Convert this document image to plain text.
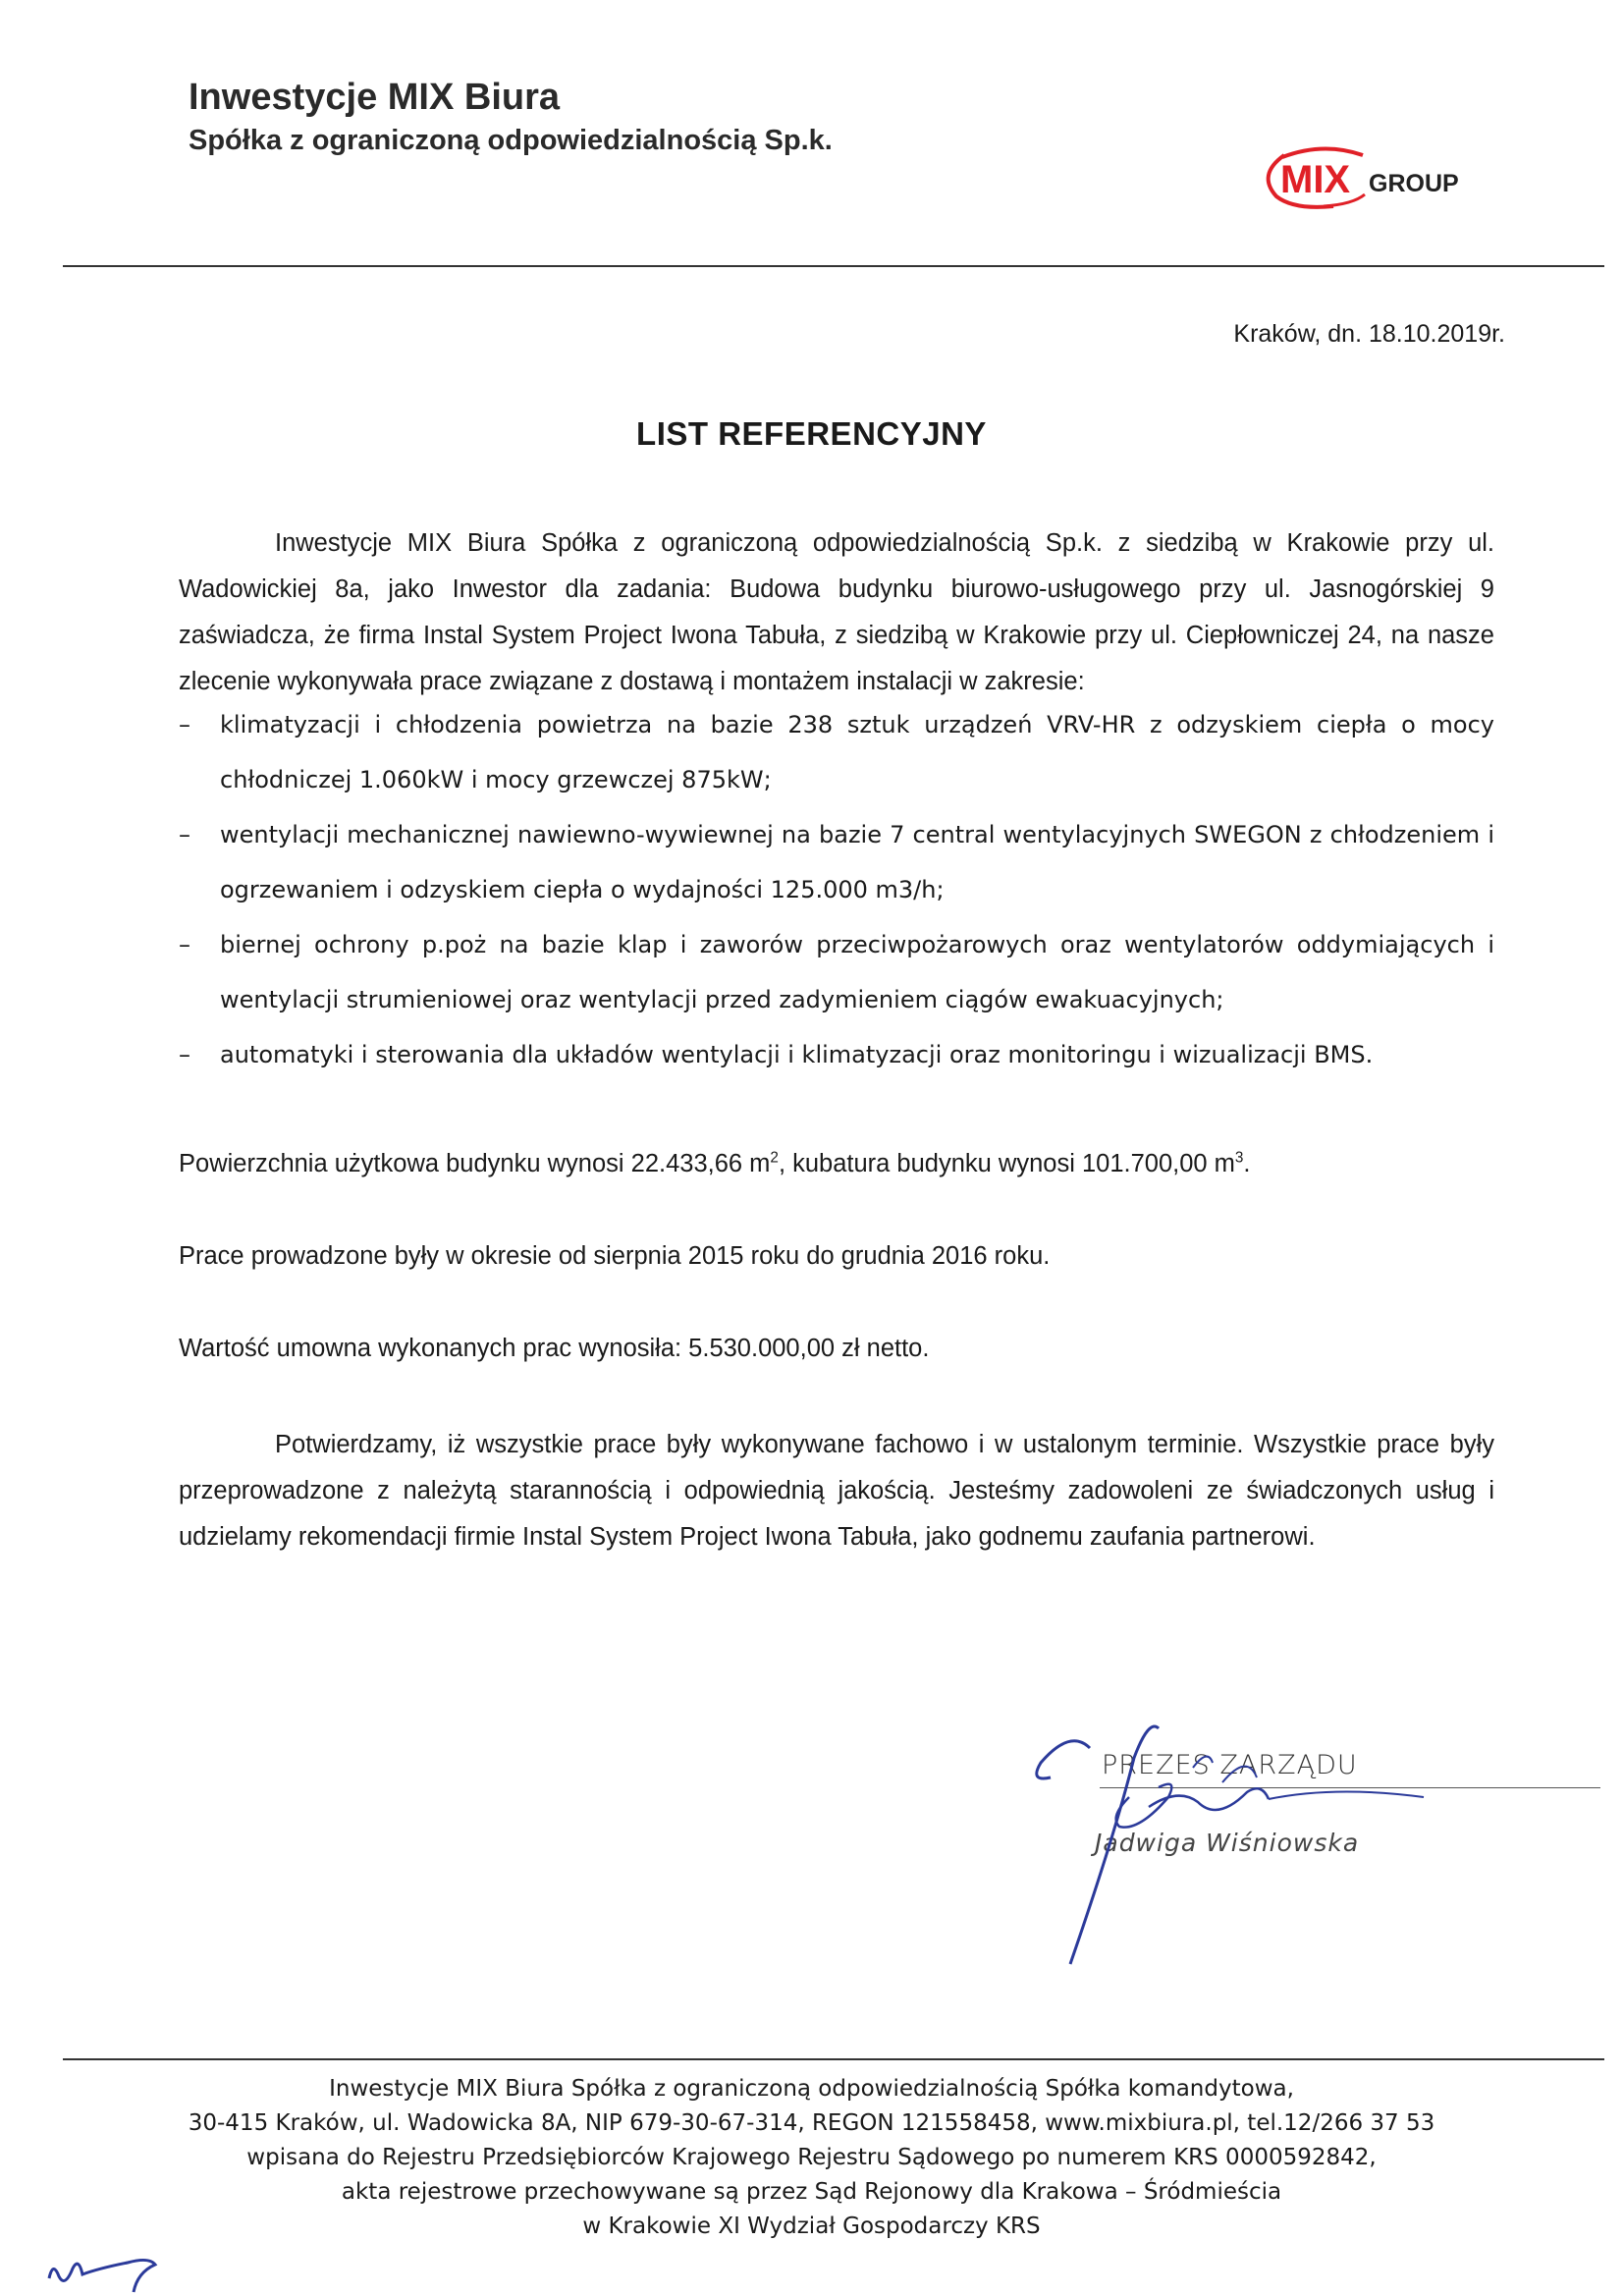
Inwestycje MIX Biura
Spółka z ograniczoną odpowiedzialnością Sp.k.
MIX GROUP
Kraków, dn. 18.10.2019r.
LIST REFERENCYJNY
Inwestycje MIX Biura Spółka z ograniczoną odpowiedzialnością Sp.k. z siedzibą w Krakowie przy ul. Wadowickiej 8a, jako Inwestor dla zadania: Budowa budynku biurowo-usługowego przy ul. Jasnogórskiej 9 zaświadcza, że firma Instal System Project Iwona Tabuła, z siedzibą w Krakowie przy ul. Ciepłowniczej 24, na nasze zlecenie wykonywała prace związane z dostawą i montażem instalacji w zakresie:
– klimatyzacji i chłodzenia powietrza na bazie 238 sztuk urządzeń VRV-HR z odzyskiem ciepła o mocy chłodniczej 1.060kW i mocy grzewczej 875kW;
– wentylacji mechanicznej nawiewno-wywiewnej na bazie 7 central wentylacyjnych SWEGON z chłodzeniem i ogrzewaniem i odzyskiem ciepła o wydajności 125.000 m3/h;
– biernej ochrony p.poż na bazie klap i zaworów przeciwpożarowych oraz wentylatorów oddymiających i wentylacji strumieniowej oraz wentylacji przed zadymieniem ciągów ewakuacyjnych;
– automatyki i sterowania dla układów wentylacji i klimatyzacji oraz monitoringu i wizualizacji BMS.
Powierzchnia użytkowa budynku wynosi 22.433,66 $m^2$, kubatura budynku wynosi 101.700,00 $m^3$.
Prace prowadzone były w okresie od sierpnia 2015 roku do grudnia 2016 roku.
Wartość umowna wykonanych prac wynosiła: 5.530.000,00 zł netto.
Potwierdzamy, iż wszystkie prace były wykonywane fachowo i w ustalonym terminie. Wszystkie prace były przeprowadzone z należytą starannością i odpowiednią jakością. Jesteśmy zadowoleni ze świadczonych usług i udzielamy rekomendacji firmie Instal System Project Iwona Tabuła, jako godnemu zaufania partnerowi.
PREZES ZARZĄDU
Jadwiga Wiśniowska
Inwestycje MIX Biura Spółka z ograniczoną odpowiedzialnością Spółka komandytowa,
30-415 Kraków, ul. Wadowicka 8A, NIP 679-30-67-314, REGON 121558458, www.mixbiura.pl, tel.12/266 37 53
wpisana do Rejestru Przedsiębiorców Krajowego Rejestru Sądowego po numerem KRS 0000592842,
akta rejestrowe przechowywane są przez Sąd Rejonowy dla Krakowa – Śródmieścia
w Krakowie XI Wydział Gospodarczy KRS
